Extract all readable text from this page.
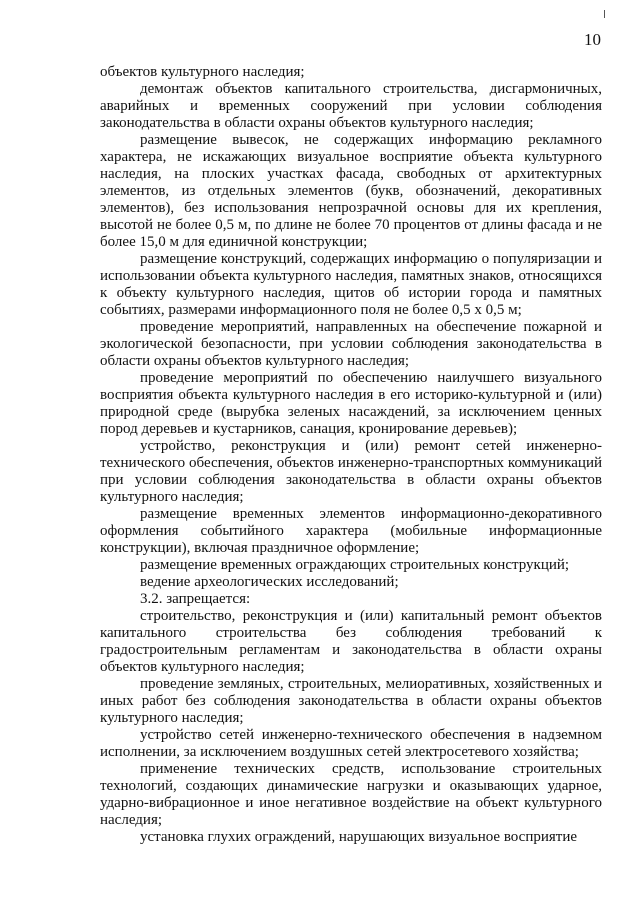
10

объектов культурного наследия;

демонтаж объектов капитального строительства, дисгармоничных, аварийных и временных сооружений при условии соблюдения законодательства в области охраны объектов культурного наследия;

размещение вывесок, не содержащих информацию рекламного характера, не искажающих визуальное восприятие объекта культурного наследия, на плоских участках фасада, свободных от архитектурных элементов, из отдельных элементов (букв, обозначений, декоративных элементов), без использования непрозрачной основы для их крепления, высотой не более 0,5 м, по длине не более 70 процентов от длины фасада и не более 15,0 м для единичной конструкции;

размещение конструкций, содержащих информацию о популяризации и использовании объекта культурного наследия, памятных знаков, относящихся к объекту культурного наследия, щитов об истории города и памятных событиях, размерами информационного поля не более 0,5 х 0,5 м;

проведение мероприятий, направленных на обеспечение пожарной и экологической безопасности, при условии соблюдения законодательства в области охраны объектов культурного наследия;

проведение мероприятий по обеспечению наилучшего визуального восприятия объекта культурного наследия в его историко-культурной и (или) природной среде (вырубка зеленых насаждений, за исключением ценных пород деревьев и кустарников, санация, кронирование деревьев);

устройство, реконструкция и (или) ремонт сетей инженерно-технического обеспечения, объектов инженерно-транспортных коммуникаций при условии соблюдения законодательства в области охраны объектов культурного наследия;

размещение временных элементов информационно-декоративного оформления событийного характера (мобильные информационные конструкции), включая праздничное оформление;

размещение временных ограждающих строительных конструкций;

ведение археологических исследований;

3.2. запрещается:

строительство, реконструкция и (или) капитальный ремонт объектов капитального строительства без соблюдения требований к градостроительным регламентам и законодательства в области охраны объектов культурного наследия;

проведение земляных, строительных, мелиоративных, хозяйственных и иных работ без соблюдения законодательства в области охраны объектов культурного наследия;

устройство сетей инженерно-технического обеспечения в надземном исполнении, за исключением воздушных сетей электросетевого хозяйства;

применение технических средств, использование строительных технологий, создающих динамические нагрузки и оказывающих ударное, ударно-вибрационное и иное негативное воздействие на объект культурного наследия;

установка глухих ограждений, нарушающих визуальное восприятие
